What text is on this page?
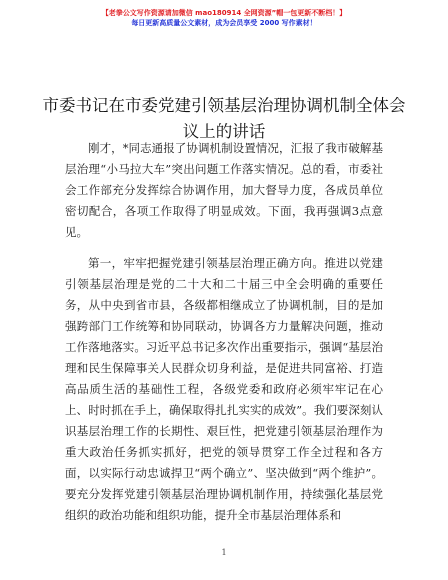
【老拳公文写作资源请加微信 mao180914 全网资源”帽一包更新不断档！】
每日更新高质量公文素材，成为会员享受 2000 写作素材！
市委书记在市委党建引领基层治理协调机制全体会议上的讲话

刚才，*同志通报了协调机制设置情况，汇报了我市破解基层治理“小马拉大车”突出问题工作落实情况。总的看，市委社会工作部充分发挥综合协调作用，加大督导力度，各成员单位密切配合，各项工作取得了明显成效。下面，我再强调3点意见。

第一，牢牢把握党建引领基层治理正确方向。推进以党建引领基层治理是党的二十大和二十届三中全会明确的重要任务，从中央到省市县，各级都相继成立了协调机制，目的是加强跨部门工作统筹和协同联动，协调各方力量解决问题，推动工作落地落实。习近平总书记多次作出重要指示，强调“基层治理和民生保障事关人民群众切身利益，是促进共同富裕、打造高品质生活的基础性工程，各级党委和政府必须牢牢记在心上、时时抓在手上，确保取得扎扎实实的成效”。我们要深刻认识基层治理工作的长期性、艰巨性，把党建引领基层治理作为重大政治任务抓实抓好，把党的领导贯穿工作全过程和各方面，以实际行动忠诚捍卫“两个确立”、坚决做到“两个维护”。要充分发挥党建引领基层治理协调机制作用，持续强化基层党组织的政治功能和组织功能，提升全市基层治理体系和

1
